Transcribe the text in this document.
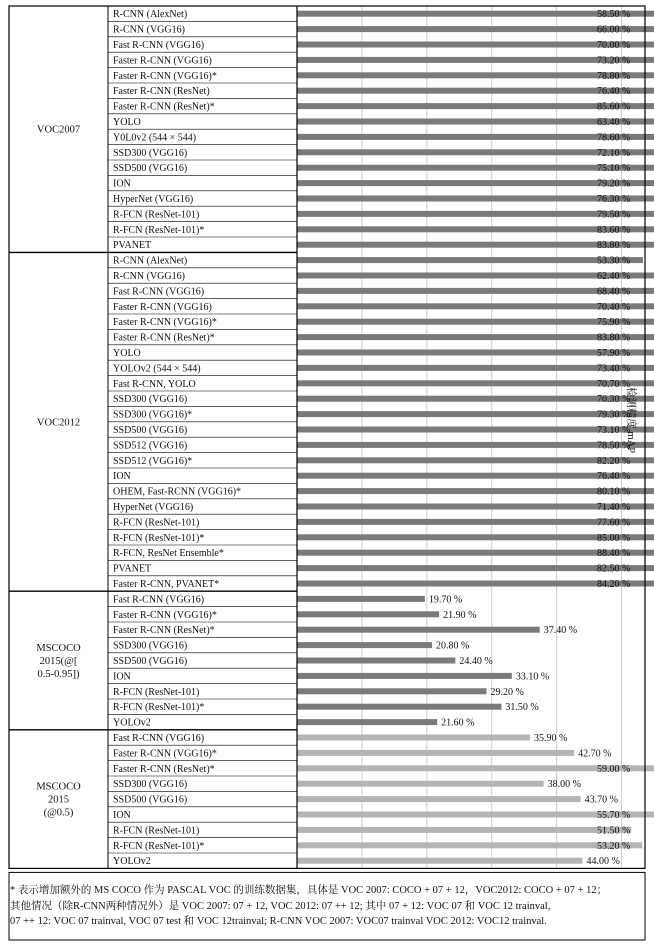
VOC2007
R-CNN (AlexNet)	58.50 %
R-CNN (VGG16)	66.00 %
Fast R-CNN (VGG16)	70.00 %
Faster R-CNN (VGG16)	73.20 %
Faster R-CNN (VGG16)*	78.80 %
Faster R-CNN (ResNet)	76.40 %
Faster R-CNN (ResNet)*	85.60 %
YOLO	63.40 %
Y0L0v2 (544 × 544)	78.60 %
SSD300 (VGG16)	72.10 %
SSD500 (VGG16)	75.10 %
ION	79.20 %
HyperNet (VGG16)	76.30 %
R-FCN (ResNet-101)	79.50 %
R-FCN (ResNet-101)*	83.60 %
PVANET	83.80 %
VOC2012
R-CNN (AlexNet)	53.30 %
R-CNN (VGG16)	62.40 %
Fast R-CNN (VGG16)	68.40 %
Faster R-CNN (VGG16)	70.40 %
Faster R-CNN (VGG16)*	75.90 %
Faster R-CNN (ResNet)*	83.80 %
YOLO	57.90 %
YOLOv2 (544 × 544)	73.40 %
Fast R-CNN, YOLO	70.70 %
SSD300 (VGG16)	70.30 %
SSD300 (VGG16)*	79.30 %
SSD500 (VGG16)	73.10 %
SSD512 (VGG16)	78.50 %
SSD512 (VGG16)*	82.20 %
ION	76.40 %
OHEM, Fast-RCNN (VGG16)*	80.10 %
HyperNet (VGG16)	71.40 %
R-FCN (ResNet-101)	77.60 %
R-FCN (ResNet-101)*	85.00 %
R-FCN, ResNet Ensemble*	88.40 %
PVANET	82.50 %
Faster R-CNN, PVANET*	84.20 %
MSCOCO
2015(@[
0.5-0.95])
Fast R-CNN (VGG16)	19.70 %
Faster R-CNN (VGG16)*	21.90 %
Faster R-CNN (ResNet)*	37.40 %
SSD300 (VGG16)	20.80 %
SSD500 (VGG16)	24.40 %
ION	33.10 %
R-FCN (ResNet-101)	29.20 %
R-FCN (ResNet-101)*	31.50 %
YOLOv2	21.60 %
MSCOCO
2015
(@0.5)
Fast R-CNN (VGG16)	35.90 %
Faster R-CNN (VGG16)*	42.70 %
Faster R-CNN (ResNet)*	59.00 %
SSD300 (VGG16)	38.00 %
SSD500 (VGG16)	43.70 %
ION	55.70 %
R-FCN (ResNet-101)	51.50 %
R-FCN (ResNet-101)*	53.20 %
YOLOv2	44.00 %
检测精度 mAP
* 表示增加额外的 MS COCO 作为 PASCAL VOC 的训练数据集，具体是 VOC 2007: COCO + 07 + 12，VOC2012: COCO + 07 + 12；
其他情况（除R-CNN两种情况外）是 VOC 2007: 07 + 12, VOC 2012: 07 ++ 12; 其中 07 + 12: VOC 07 和 VOC 12 trainval,
07 ++ 12: VOC 07 trainval, VOC 07 test 和 VOC 12trainval; R-CNN VOC 2007: VOC07 trainval VOC 2012: VOC12 trainval.
